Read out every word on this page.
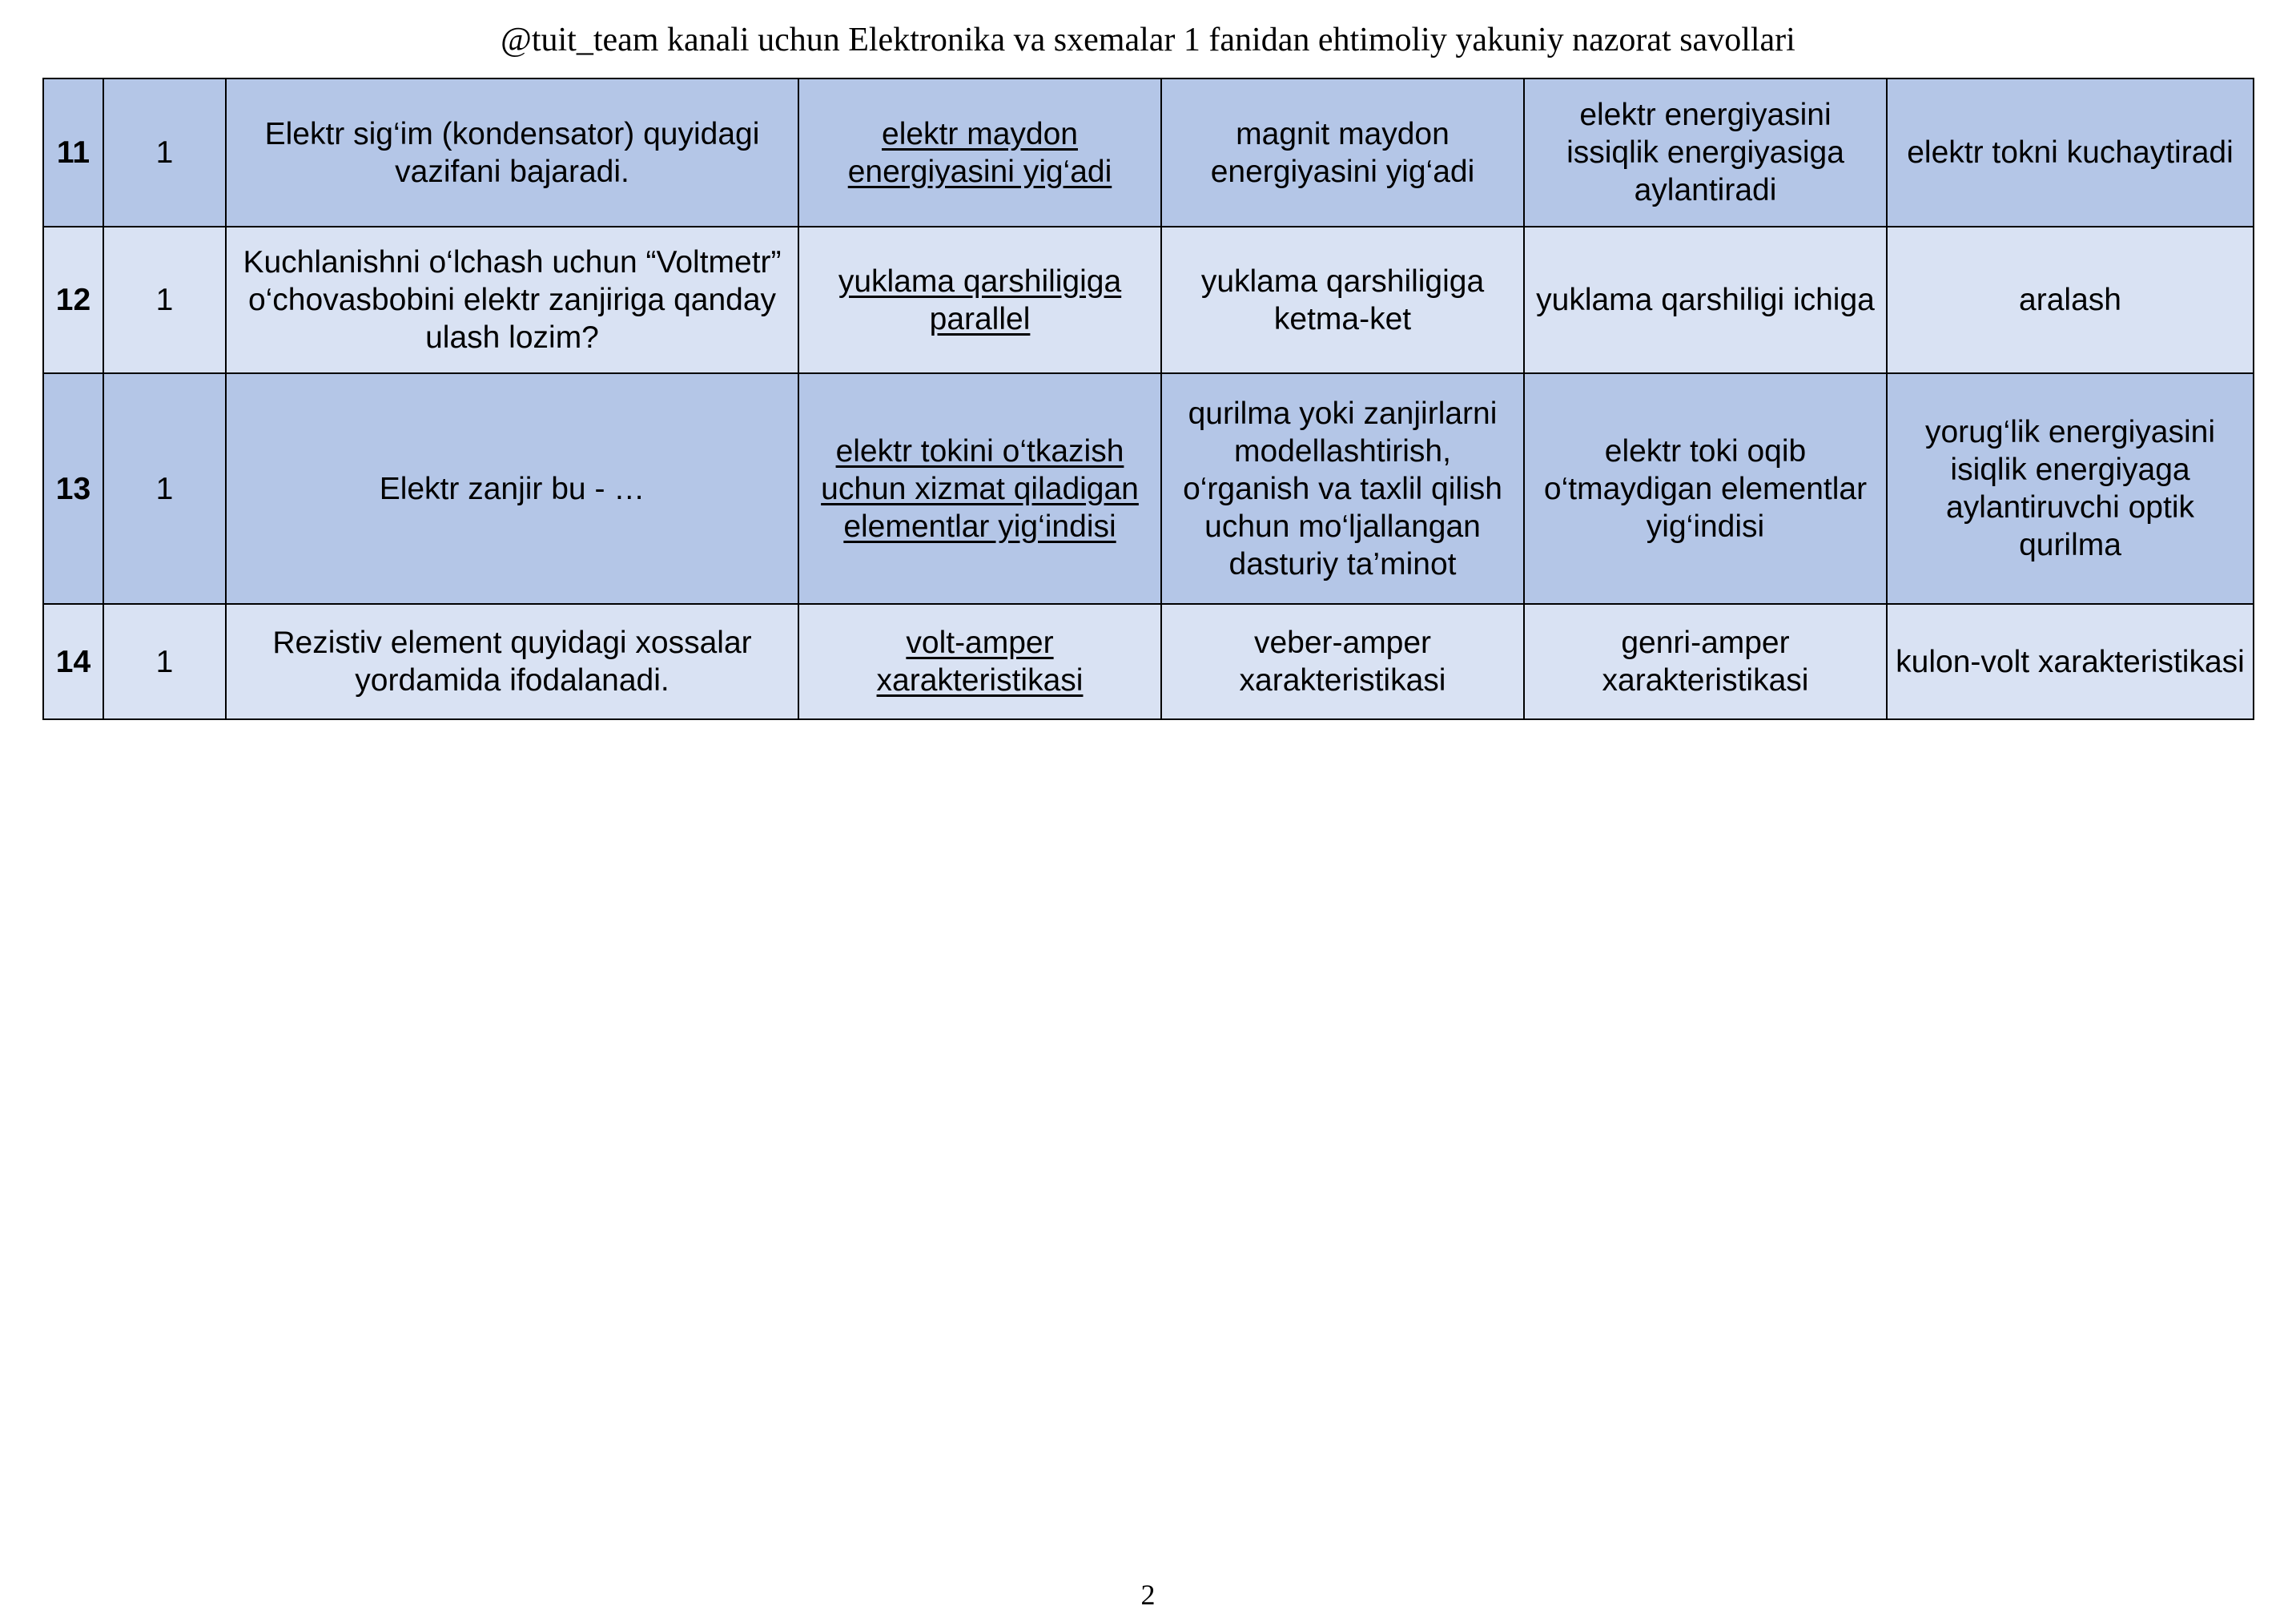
@tuit_team kanali uchun Elektronika va sxemalar 1 fanidan ehtimoliy yakuniy nazorat savollari
11	1	Elektr sig‘im (kondensator) quyidagi vazifani bajaradi.	elektr maydon energiyasini yig‘adi	magnit maydon energiyasini yig‘adi	elektr energiyasini issiqlik energiyasiga aylantiradi	elektr tokni kuchaytiradi
12	1	Kuchlanishni o‘lchash uchun “Voltmetr” o‘chovasbobini elektr zanjiriga qanday ulash lozim?	yuklama qarshiligiga parallel	yuklama qarshiligiga ketma-ket	yuklama qarshiligi ichiga	aralash
13	1	Elektr zanjir bu - …	elektr tokini o‘tkazish uchun xizmat qiladigan elementlar yig‘indisi	qurilma yoki zanjirlarni modellashtirish, o‘rganish va taxlil qilish uchun mo‘ljallangan dasturiy ta’minot	elektr toki oqib o‘tmaydigan elementlar yig‘indisi	yorug‘lik energiyasini isiqlik energiyaga aylantiruvchi optik qurilma
14	1	Rezistiv element quyidagi xossalar yordamida ifodalanadi.	volt-amper xarakteristikasi	veber-amper xarakteristikasi	genri-amper xarakteristikasi	kulon-volt xarakteristikasi
2
